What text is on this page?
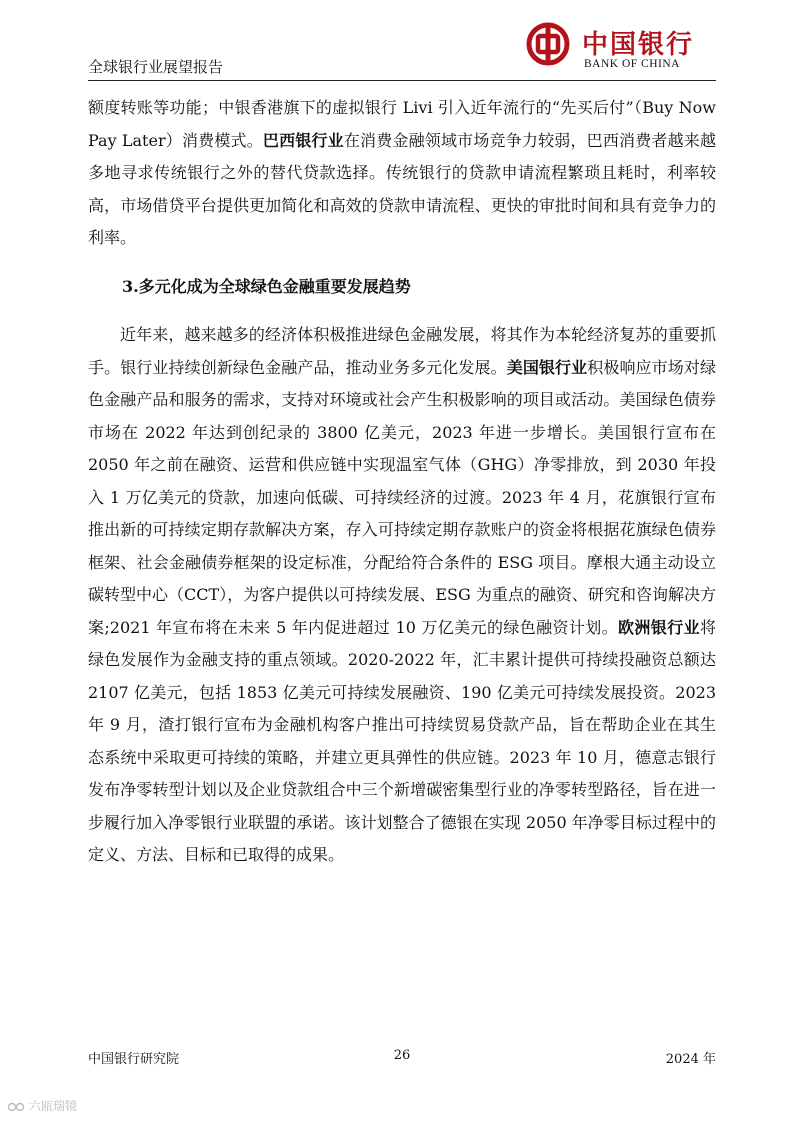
全球银行业展望报告
中国银行
BANK OF CHINA

额度转账等功能；中银香港旗下的虚拟银行 Livi 引入近年流行的“先买后付”（Buy Now Pay Later）消费模式。巴西银行业在消费金融领域市场竞争力较弱，巴西消费者越来越多地寻求传统银行之外的替代贷款选择。传统银行的贷款申请流程繁琐且耗时，利率较高，市场借贷平台提供更加简化和高效的贷款申请流程、更快的审批时间和具有竞争力的利率。

3.多元化成为全球绿色金融重要发展趋势

近年来，越来越多的经济体积极推进绿色金融发展，将其作为本轮经济复苏的重要抓手。银行业持续创新绿色金融产品，推动业务多元化发展。美国银行业积极响应市场对绿色金融产品和服务的需求，支持对环境或社会产生积极影响的项目或活动。美国绿色债券市场在 2022 年达到创纪录的 3800 亿美元，2023 年进一步增长。美国银行宣布在 2050 年之前在融资、运营和供应链中实现温室气体（GHG）净零排放，到 2030 年投入 1 万亿美元的贷款，加速向低碳、可持续经济的过渡。2023 年 4 月，花旗银行宣布推出新的可持续定期存款解决方案，存入可持续定期存款账户的资金将根据花旗绿色债券框架、社会金融债券框架的设定标准，分配给符合条件的 ESG 项目。摩根大通主动设立碳转型中心（CCT），为客户提供以可持续发展、ESG 为重点的融资、研究和咨询解决方案;2021 年宣布将在未来 5 年内促进超过 10 万亿美元的绿色融资计划。欧洲银行业将绿色发展作为金融支持的重点领域。2020-2022 年，汇丰累计提供可持续投融资总额达 2107 亿美元，包括 1853 亿美元可持续发展融资、190 亿美元可持续发展投资。2023 年 9 月，渣打银行宣布为金融机构客户推出可持续贸易贷款产品，旨在帮助企业在其生态系统中采取更可持续的策略，并建立更具弹性的供应链。2023 年 10 月，德意志银行发布净零转型计划以及企业贷款组合中三个新增碳密集型行业的净零转型路径，旨在进一步履行加入净零银行业联盟的承诺。该计划整合了德银在实现 2050 年净零目标过程中的定义、方法、目标和已取得的成果。

中国银行研究院	26	2024 年
六瓯瑞镜
